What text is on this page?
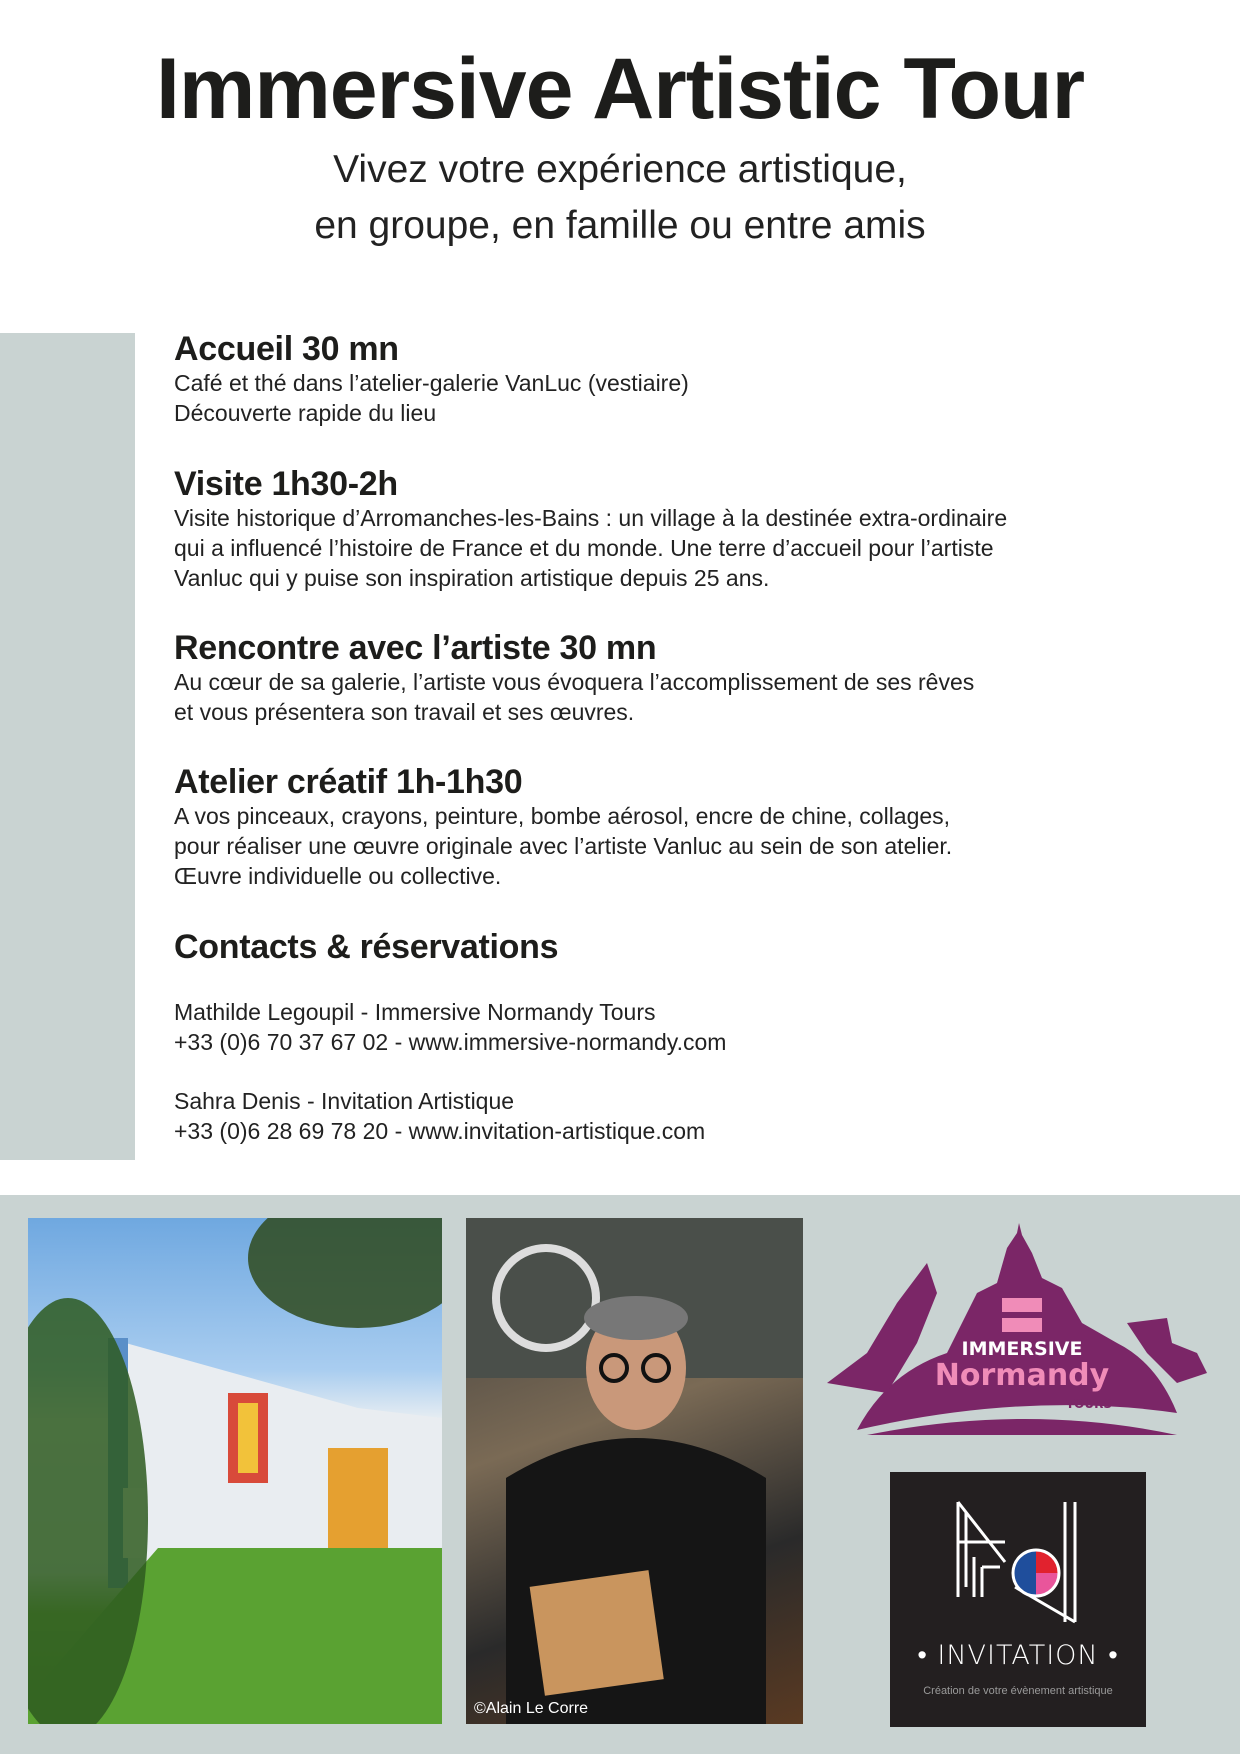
Immersive Artistic Tour
Vivez votre expérience artistique,
en groupe, en famille ou entre amis
Accueil 30 mn
Café et thé dans l’atelier-galerie VanLuc (vestiaire)
Découverte rapide du lieu
Visite 1h30-2h
Visite historique d’Arromanches-les-Bains : un village à la destinée extra-ordinaire
qui a influencé l’histoire de France et du monde. Une terre d’accueil pour l’artiste
Vanluc qui y puise son inspiration artistique depuis 25 ans.
Rencontre avec l’artiste 30 mn
Au cœur de sa galerie, l’artiste vous évoquera l’accomplissement de ses rêves
et vous présentera son travail et ses œuvres.
Atelier créatif 1h-1h30
A vos pinceaux, crayons, peinture, bombe aérosol, encre de chine, collages,
pour réaliser une œuvre originale avec l’artiste Vanluc au sein de son atelier.
Œuvre individuelle ou collective.
Contacts & réservations
Mathilde Legoupil - Immersive Normandy Tours
+33 (0)6 70 37 67 02 - www.immersive-normandy.com
Sahra Denis - Invitation Artistique
+33 (0)6 28 69 78 20 - www.invitation-artistique.com
©Alain Le Corre
IMMERSIVE
Normandy
TOURS
• INVITATION •
Création de votre évènement artistique
